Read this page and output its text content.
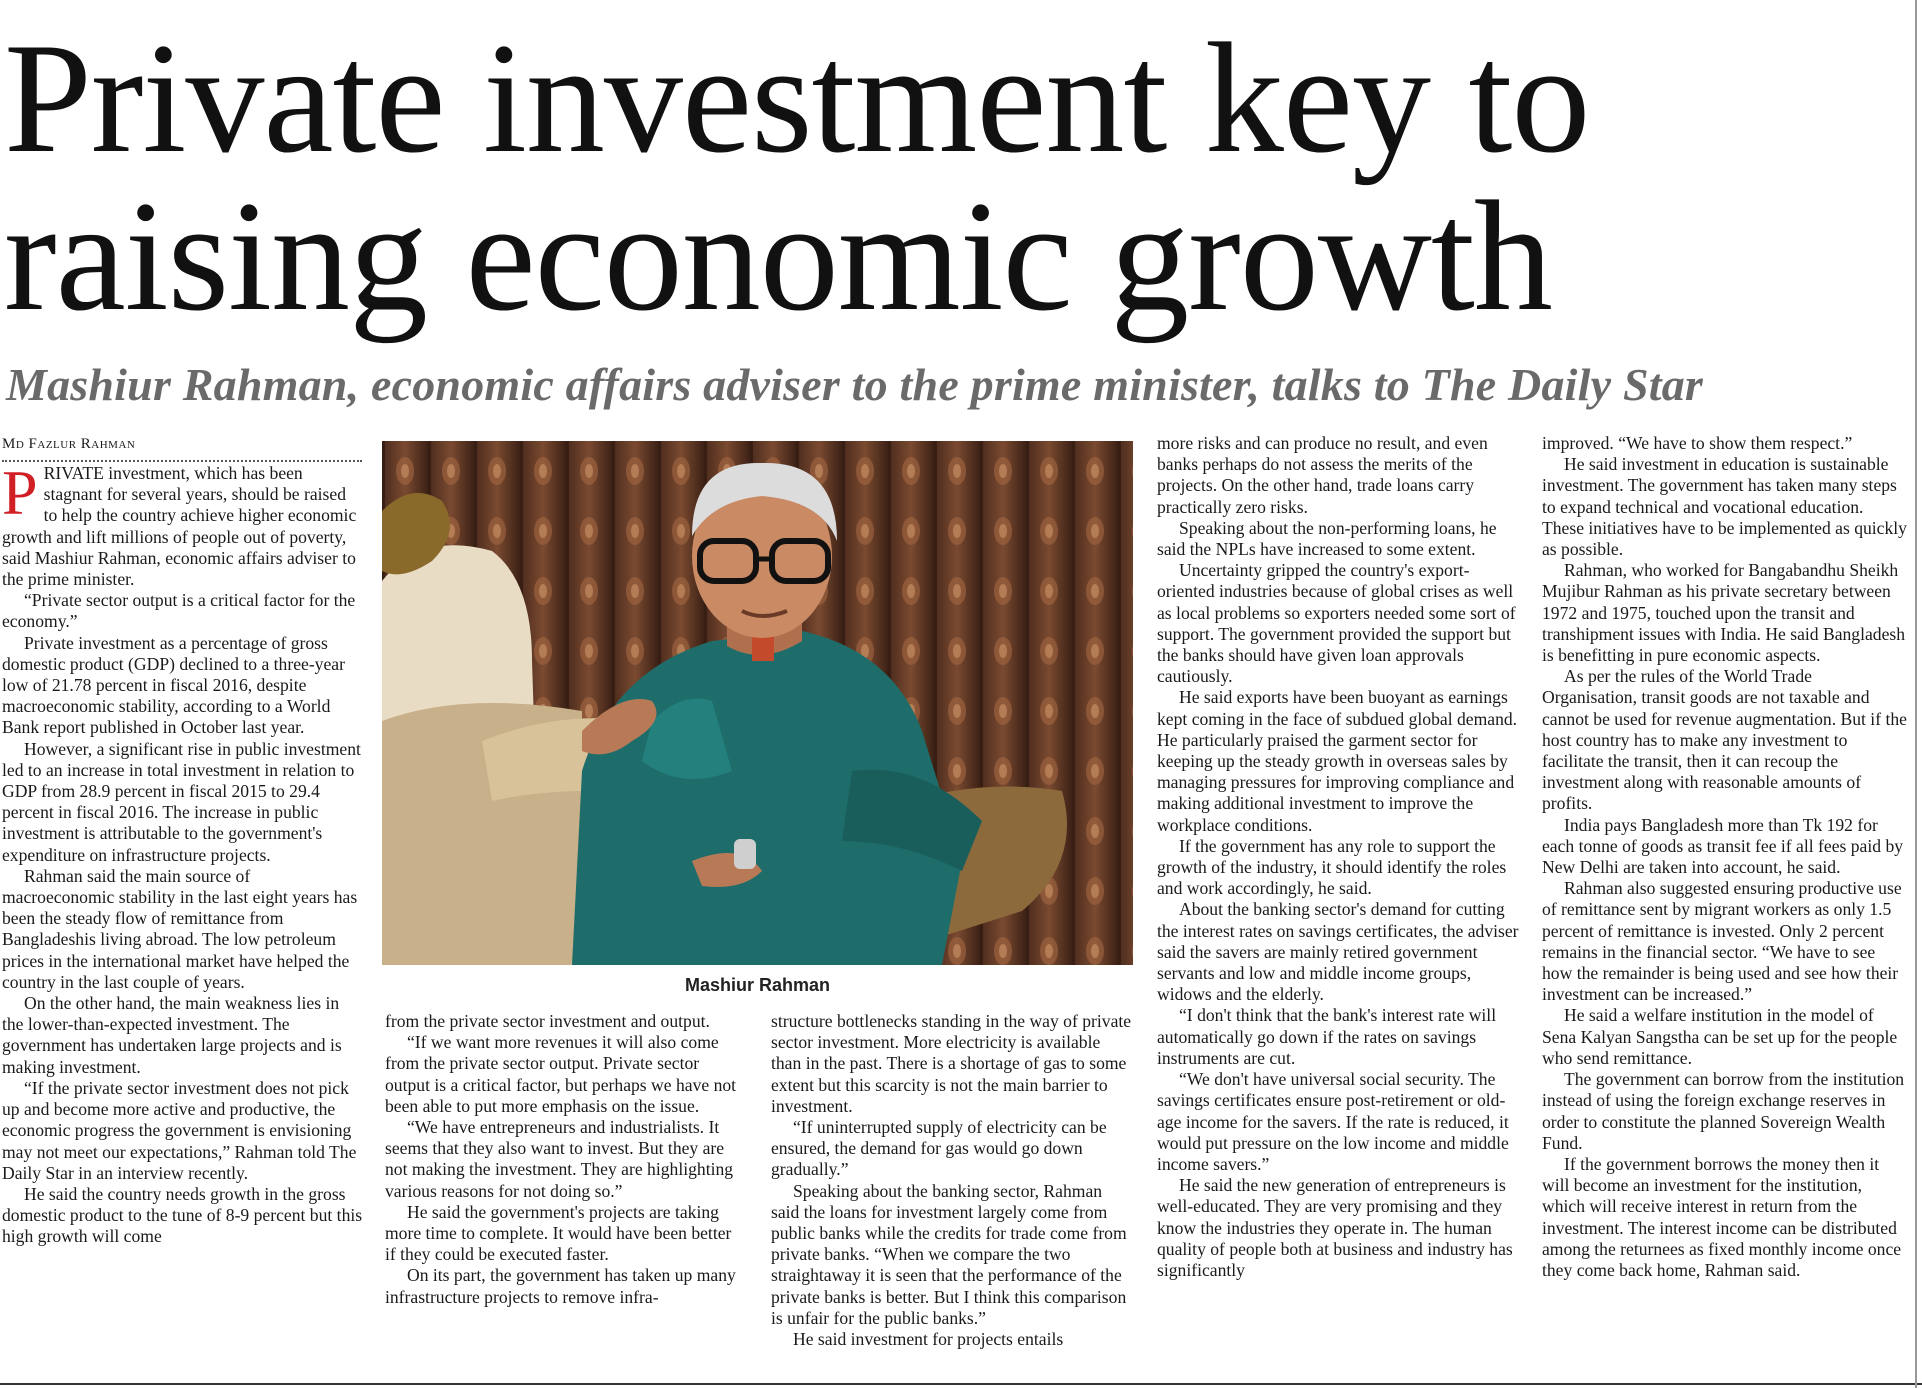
Private investment key to
raising economic growth
Mashiur Rahman, economic affairs adviser to the prime minister, talks to The Daily Star
Md Fazlur Rahman

PRIVATE investment, which has been stagnant for several years, should be raised to help the country achieve higher economic growth and lift millions of people out of poverty, said Mashiur Rahman, economic affairs adviser to the prime minister.

“Private sector output is a critical factor for the economy.”

Private investment as a percentage of gross domestic product (GDP) declined to a three-year low of 21.78 percent in fiscal 2016, despite macroeconomic stability, according to a World Bank report published in October last year.

However, a significant rise in public investment led to an increase in total investment in relation to GDP from 28.9 percent in fiscal 2015 to 29.4 percent in fiscal 2016. The increase in public investment is attributable to the government's expenditure on infrastructure projects.

Rahman said the main source of macroeconomic stability in the last eight years has been the steady flow of remittance from Bangladeshis living abroad. The low petroleum prices in the international market have helped the country in the last couple of years.

On the other hand, the main weakness lies in the lower-than-expected investment. The government has undertaken large projects and is making investment.

“If the private sector investment does not pick up and become more active and productive, the economic progress the government is envisioning may not meet our expectations,” Rahman told The Daily Star in an interview recently.

He said the country needs growth in the gross domestic product to the tune of 8-9 percent but this high growth will come

Mashiur Rahman

from the private sector investment and output.

“If we want more revenues it will also come from the private sector output. Private sector output is a critical factor, but perhaps we have not been able to put more emphasis on the issue.

“We have entrepreneurs and industrialists. It seems that they also want to invest. But they are not making the investment. They are highlighting various reasons for not doing so.”

He said the government's projects are taking more time to complete. It would have been better if they could be executed faster.

On its part, the government has taken up many infrastructure projects to remove infra-

structure bottlenecks standing in the way of private sector investment. More electricity is available than in the past. There is a shortage of gas to some extent but this scarcity is not the main barrier to investment.

“If uninterrupted supply of electricity can be ensured, the demand for gas would go down gradually.”

Speaking about the banking sector, Rahman said the loans for investment largely come from public banks while the credits for trade come from private banks. “When we compare the two straightaway it is seen that the performance of the private banks is better. But I think this comparison is unfair for the public banks.”

He said investment for projects entails

more risks and can produce no result, and even banks perhaps do not assess the merits of the projects. On the other hand, trade loans carry practically zero risks.

Speaking about the non-performing loans, he said the NPLs have increased to some extent.

Uncertainty gripped the country's export-oriented industries because of global crises as well as local problems so exporters needed some sort of support. The government provided the support but the banks should have given loan approvals cautiously.

He said exports have been buoyant as earnings kept coming in the face of subdued global demand. He particularly praised the garment sector for keeping up the steady growth in overseas sales by managing pressures for improving compliance and making additional investment to improve the workplace conditions.

If the government has any role to support the growth of the industry, it should identify the roles and work accordingly, he said.

About the banking sector's demand for cutting the interest rates on savings certificates, the adviser said the savers are mainly retired government servants and low and middle income groups, widows and the elderly.

“I don't think that the bank's interest rate will automatically go down if the rates on savings instruments are cut.

“We don't have universal social security. The savings certificates ensure post-retirement or old-age income for the savers. If the rate is reduced, it would put pressure on the low income and middle income savers.”

He said the new generation of entrepreneurs is well-educated. They are very promising and they know the industries they operate in. The human quality of people both at business and industry has significantly

improved. “We have to show them respect.”

He said investment in education is sustainable investment. The government has taken many steps to expand technical and vocational education. These initiatives have to be implemented as quickly as possible.

Rahman, who worked for Bangabandhu Sheikh Mujibur Rahman as his private secretary between 1972 and 1975, touched upon the transit and transhipment issues with India. He said Bangladesh is benefitting in pure economic aspects.

As per the rules of the World Trade Organisation, transit goods are not taxable and cannot be used for revenue augmentation. But if the host country has to make any investment to facilitate the transit, then it can recoup the investment along with reasonable amounts of profits.

India pays Bangladesh more than Tk 192 for each tonne of goods as transit fee if all fees paid by New Delhi are taken into account, he said.

Rahman also suggested ensuring productive use of remittance sent by migrant workers as only 1.5 percent of remittance is invested. Only 2 percent remains in the financial sector. “We have to see how the remainder is being used and see how their investment can be increased.”

He said a welfare institution in the model of Sena Kalyan Sangstha can be set up for the people who send remittance.

The government can borrow from the institution instead of using the foreign exchange reserves in order to constitute the planned Sovereign Wealth Fund.

If the government borrows the money then it will become an investment for the institution, which will receive interest in return from the investment. The interest income can be distributed among the returnees as fixed monthly income once they come back home, Rahman said.
